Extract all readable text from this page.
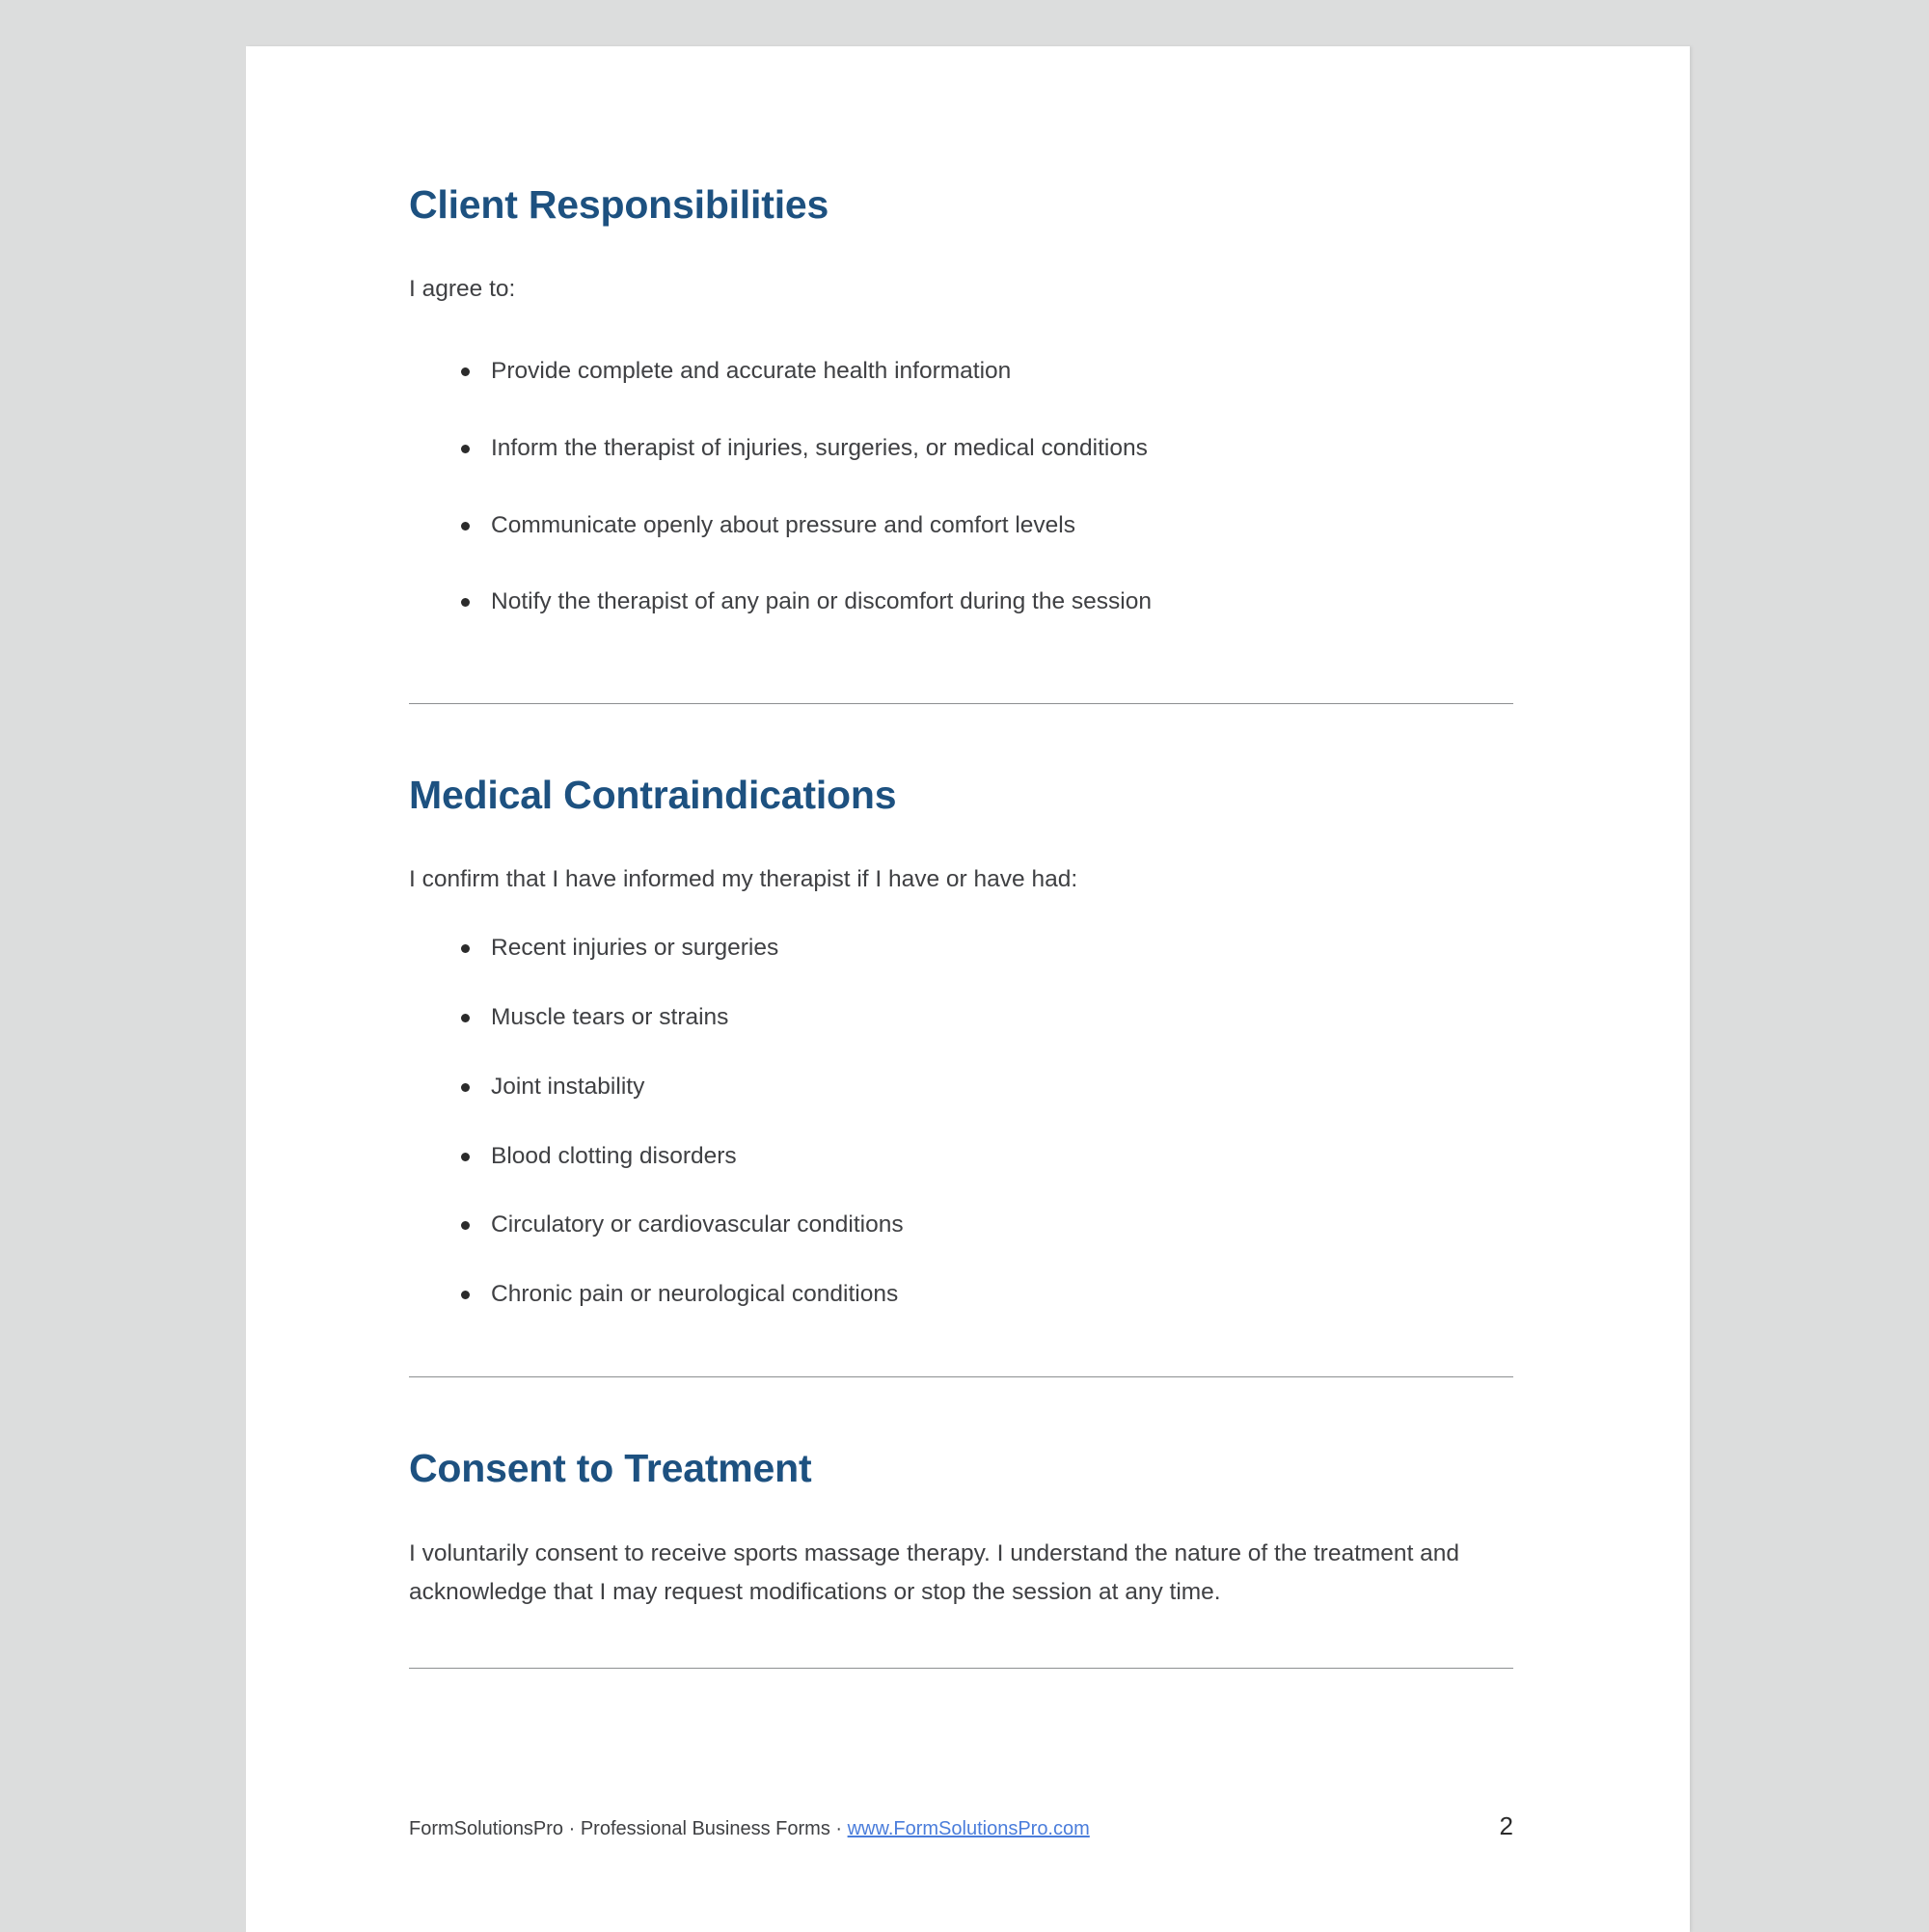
Client Responsibilities

I agree to:

Provide complete and accurate health information
Inform the therapist of injuries, surgeries, or medical conditions
Communicate openly about pressure and comfort levels
Notify the therapist of any pain or discomfort during the session
Medical Contraindications

I confirm that I have informed my therapist if I have or have had:

Recent injuries or surgeries
Muscle tears or strains
Joint instability
Blood clotting disorders
Circulatory or cardiovascular conditions
Chronic pain or neurological conditions
Consent to Treatment

I voluntarily consent to receive sports massage therapy. I understand the nature of the treatment and acknowledge that I may request modifications or stop the session at any time.

FormSolutionsPro · Professional Business Forms · www.FormSolutionsPro.com	2
